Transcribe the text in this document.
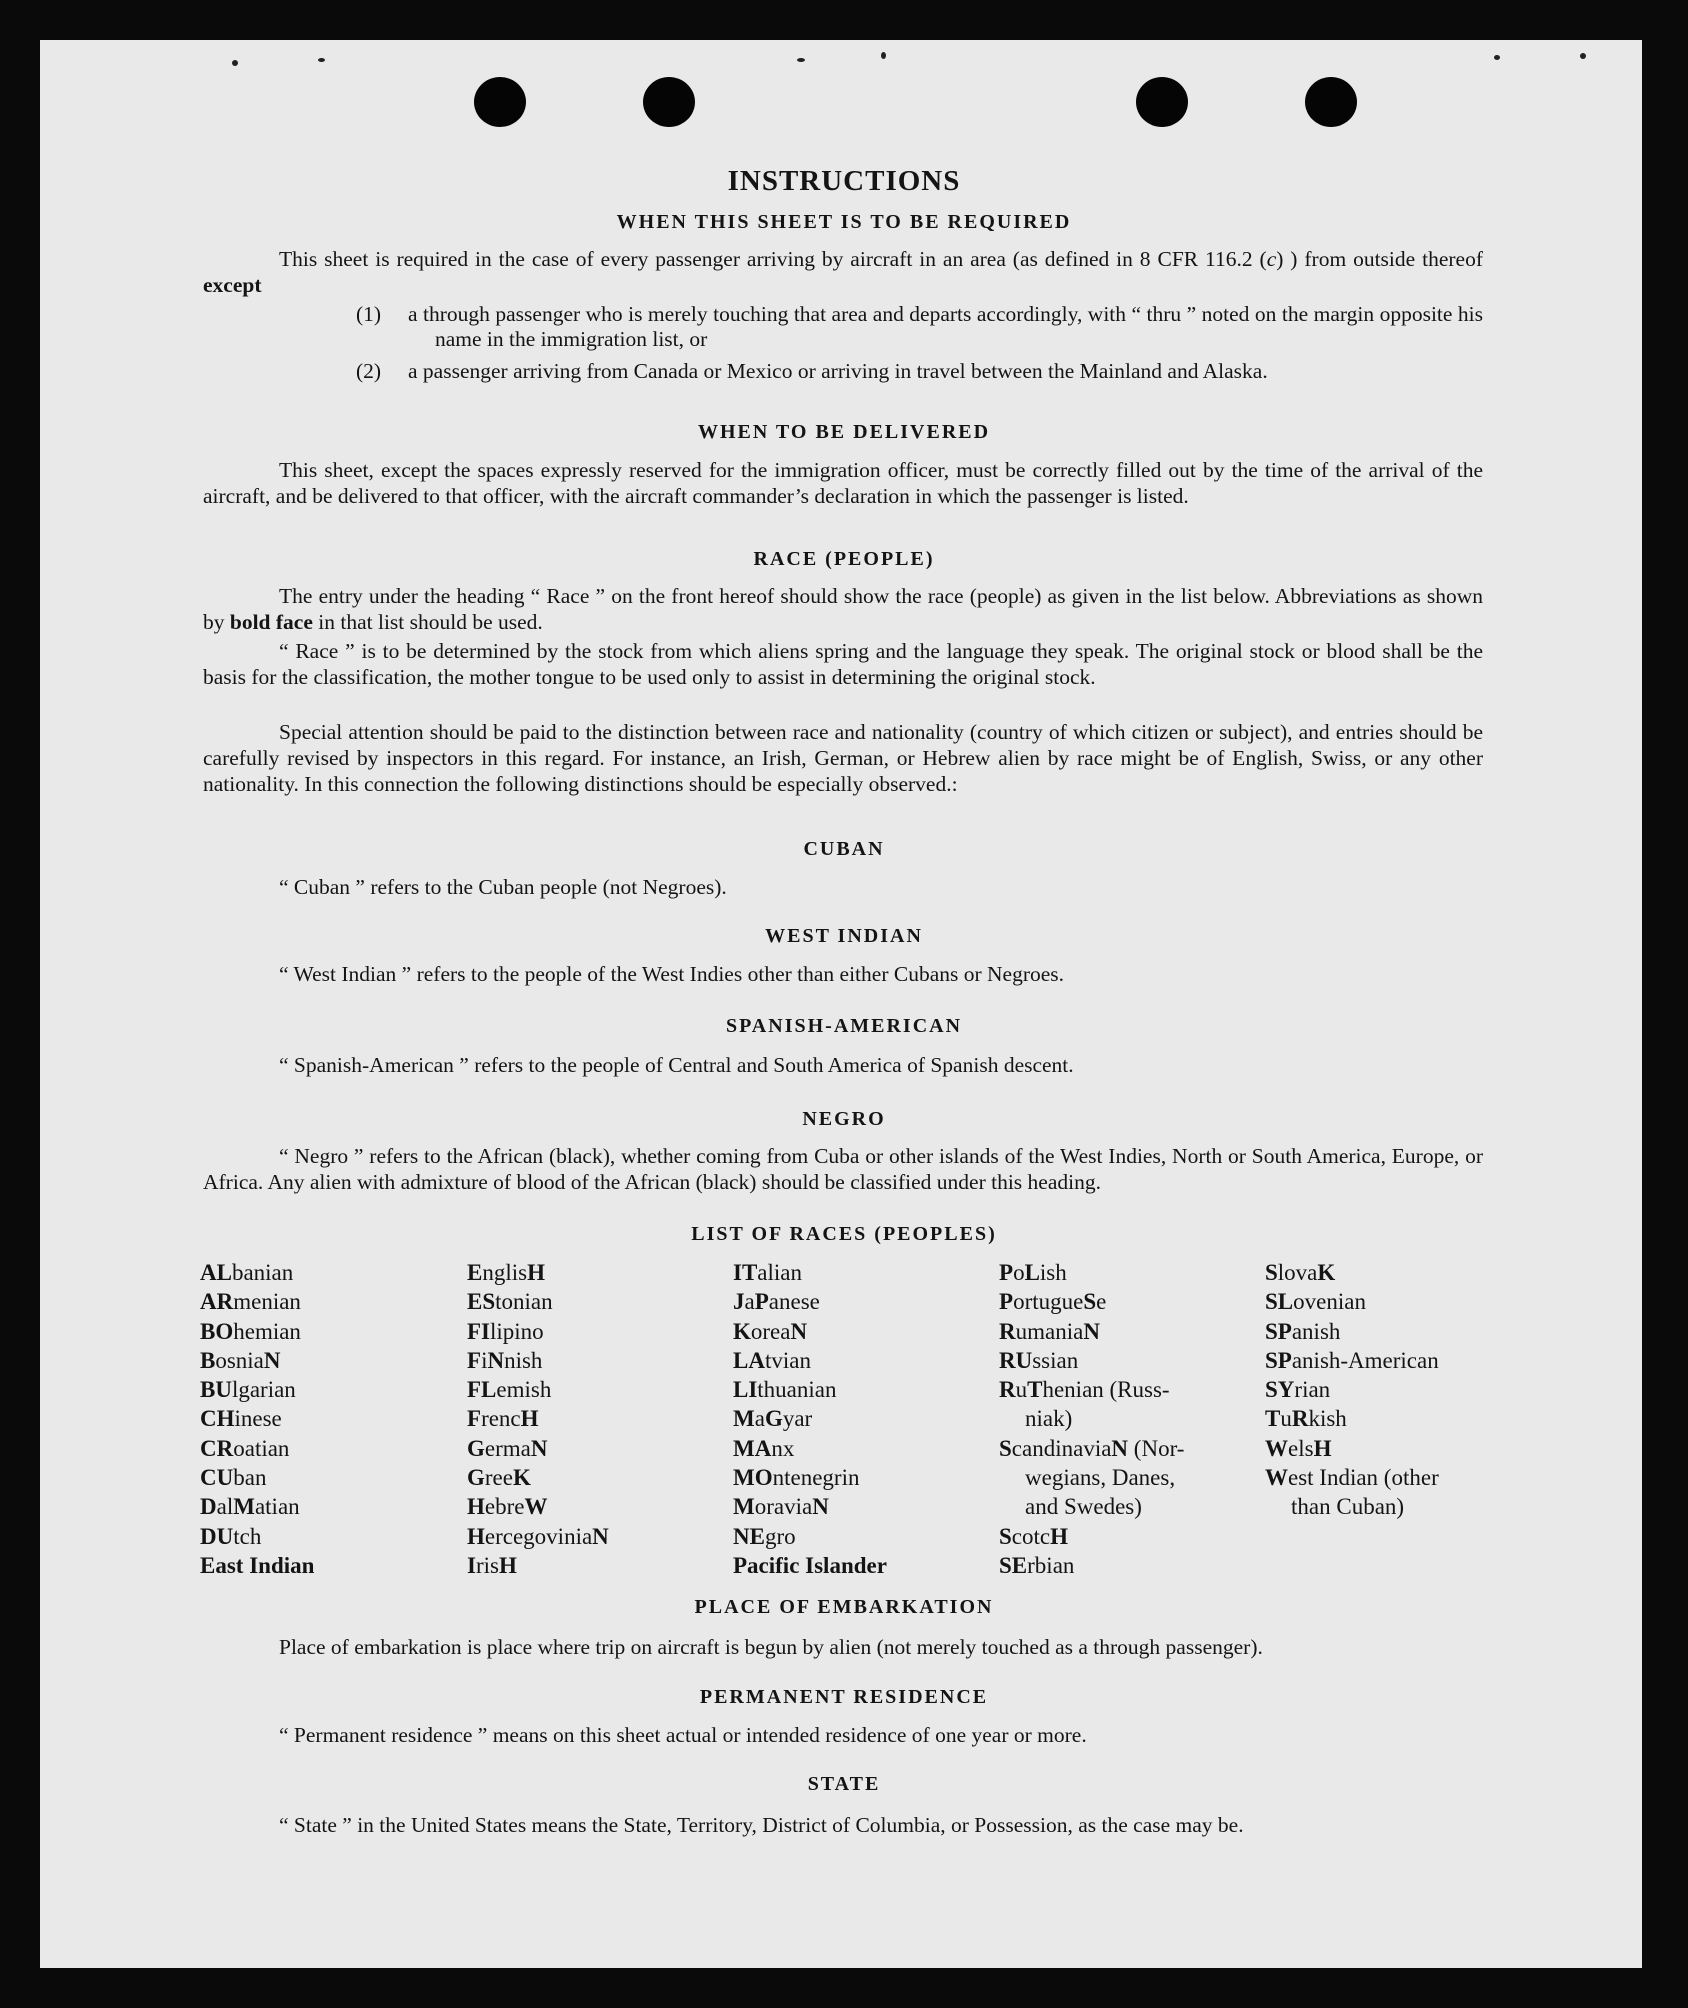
INSTRUCTIONS
WHEN THIS SHEET IS TO BE REQUIRED

This sheet is required in the case of every passenger arriving by aircraft in an area (as defined in 8 CFR 116.2 (c) ) from outside thereof except

(1) a through passenger who is merely touching that area and departs accordingly, with “ thru ” noted on the margin opposite his name in the immigration list, or
(2) a passenger arriving from Canada or Mexico or arriving in travel between the Mainland and Alaska.
WHEN TO BE DELIVERED

This sheet, except the spaces expressly reserved for the immigration officer, must be correctly filled out by the time of the arrival of the aircraft, and be delivered to that officer, with the aircraft commander’s declaration in which the passenger is listed.

RACE (PEOPLE)

The entry under the heading “ Race ” on the front hereof should show the race (people) as given in the list below. Abbreviations as shown by bold face in that list should be used.

“ Race ” is to be determined by the stock from which aliens spring and the language they speak. The original stock or blood shall be the basis for the classification, the mother tongue to be used only to assist in determining the original stock.

Special attention should be paid to the distinction between race and nationality (country of which citizen or subject), and entries should be carefully revised by inspectors in this regard. For instance, an Irish, German, or Hebrew alien by race might be of English, Swiss, or any other nationality. In this connection the following distinctions should be especially observed.:

CUBAN

“ Cuban ” refers to the Cuban people (not Negroes).

WEST INDIAN

“ West Indian ” refers to the people of the West Indies other than either Cubans or Negroes.

SPANISH-AMERICAN

“ Spanish-American ” refers to the people of Central and South America of Spanish descent.

NEGRO

“ Negro ” refers to the African (black), whether coming from Cuba or other islands of the West Indies, North or South America, Europe, or Africa. Any alien with admixture of blood of the African (black) should be classified under this heading.

LIST OF RACES (PEOPLES)
ALbanian
ARmenian
BOhemian
BosniaN
BUlgarian
CHinese
CRoatian
CUban
DalMatian
DUtch
East Indian
EnglisH
EStonian
FIlipino
FiNnish
FLemish
FrencH
GermaN
GreeK
HebreW
HercegoviniaN
IrisH
ITalian
JaPanese
KoreaN
LAtvian
LIthuanian
MaGyar
MAnx
MOntenegrin
MoraviaN
NEgro
Pacific Islander
PoLish
PortugueSe
RumaniaN
RUssian
RuThenian (Russ-
niak)
ScandinaviaN (Nor-
wegians, Danes,
and Swedes)
ScotcH
SErbian
SlovaK
SLovenian
SPanish
SPanish-American
SYrian
TuRkish
WelsH
West Indian (other
than Cuban)
PLACE OF EMBARKATION

Place of embarkation is place where trip on aircraft is begun by alien (not merely touched as a through passenger).

PERMANENT RESIDENCE

“ Permanent residence ” means on this sheet actual or intended residence of one year or more.

STATE

“ State ” in the United States means the State, Territory, District of Columbia, or Possession, as the case may be.
